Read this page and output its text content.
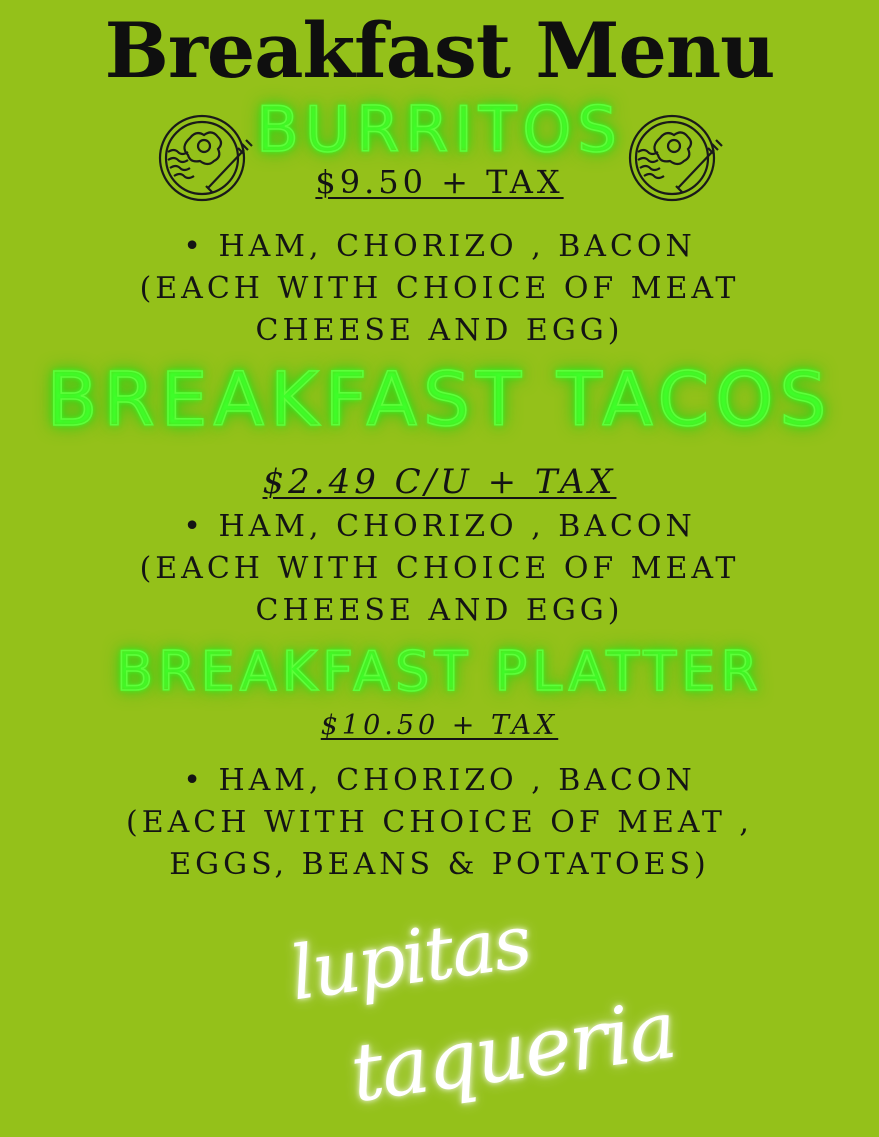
Breakfast Menu
BURRITOS
$9.50 + TAX
• HAM, CHORIZO , BACON
(EACH WITH CHOICE OF MEAT
CHEESE AND EGG)
BREAKFAST TACOS
$2.49 C/U + TAX
• HAM, CHORIZO , BACON
(EACH WITH CHOICE OF MEAT
CHEESE AND EGG)
BREAKFAST PLATTER
$10.50 + TAX
• HAM, CHORIZO , BACON
(EACH WITH CHOICE OF MEAT ,
EGGS, BEANS & POTATOES)
lupitas
taqueria
